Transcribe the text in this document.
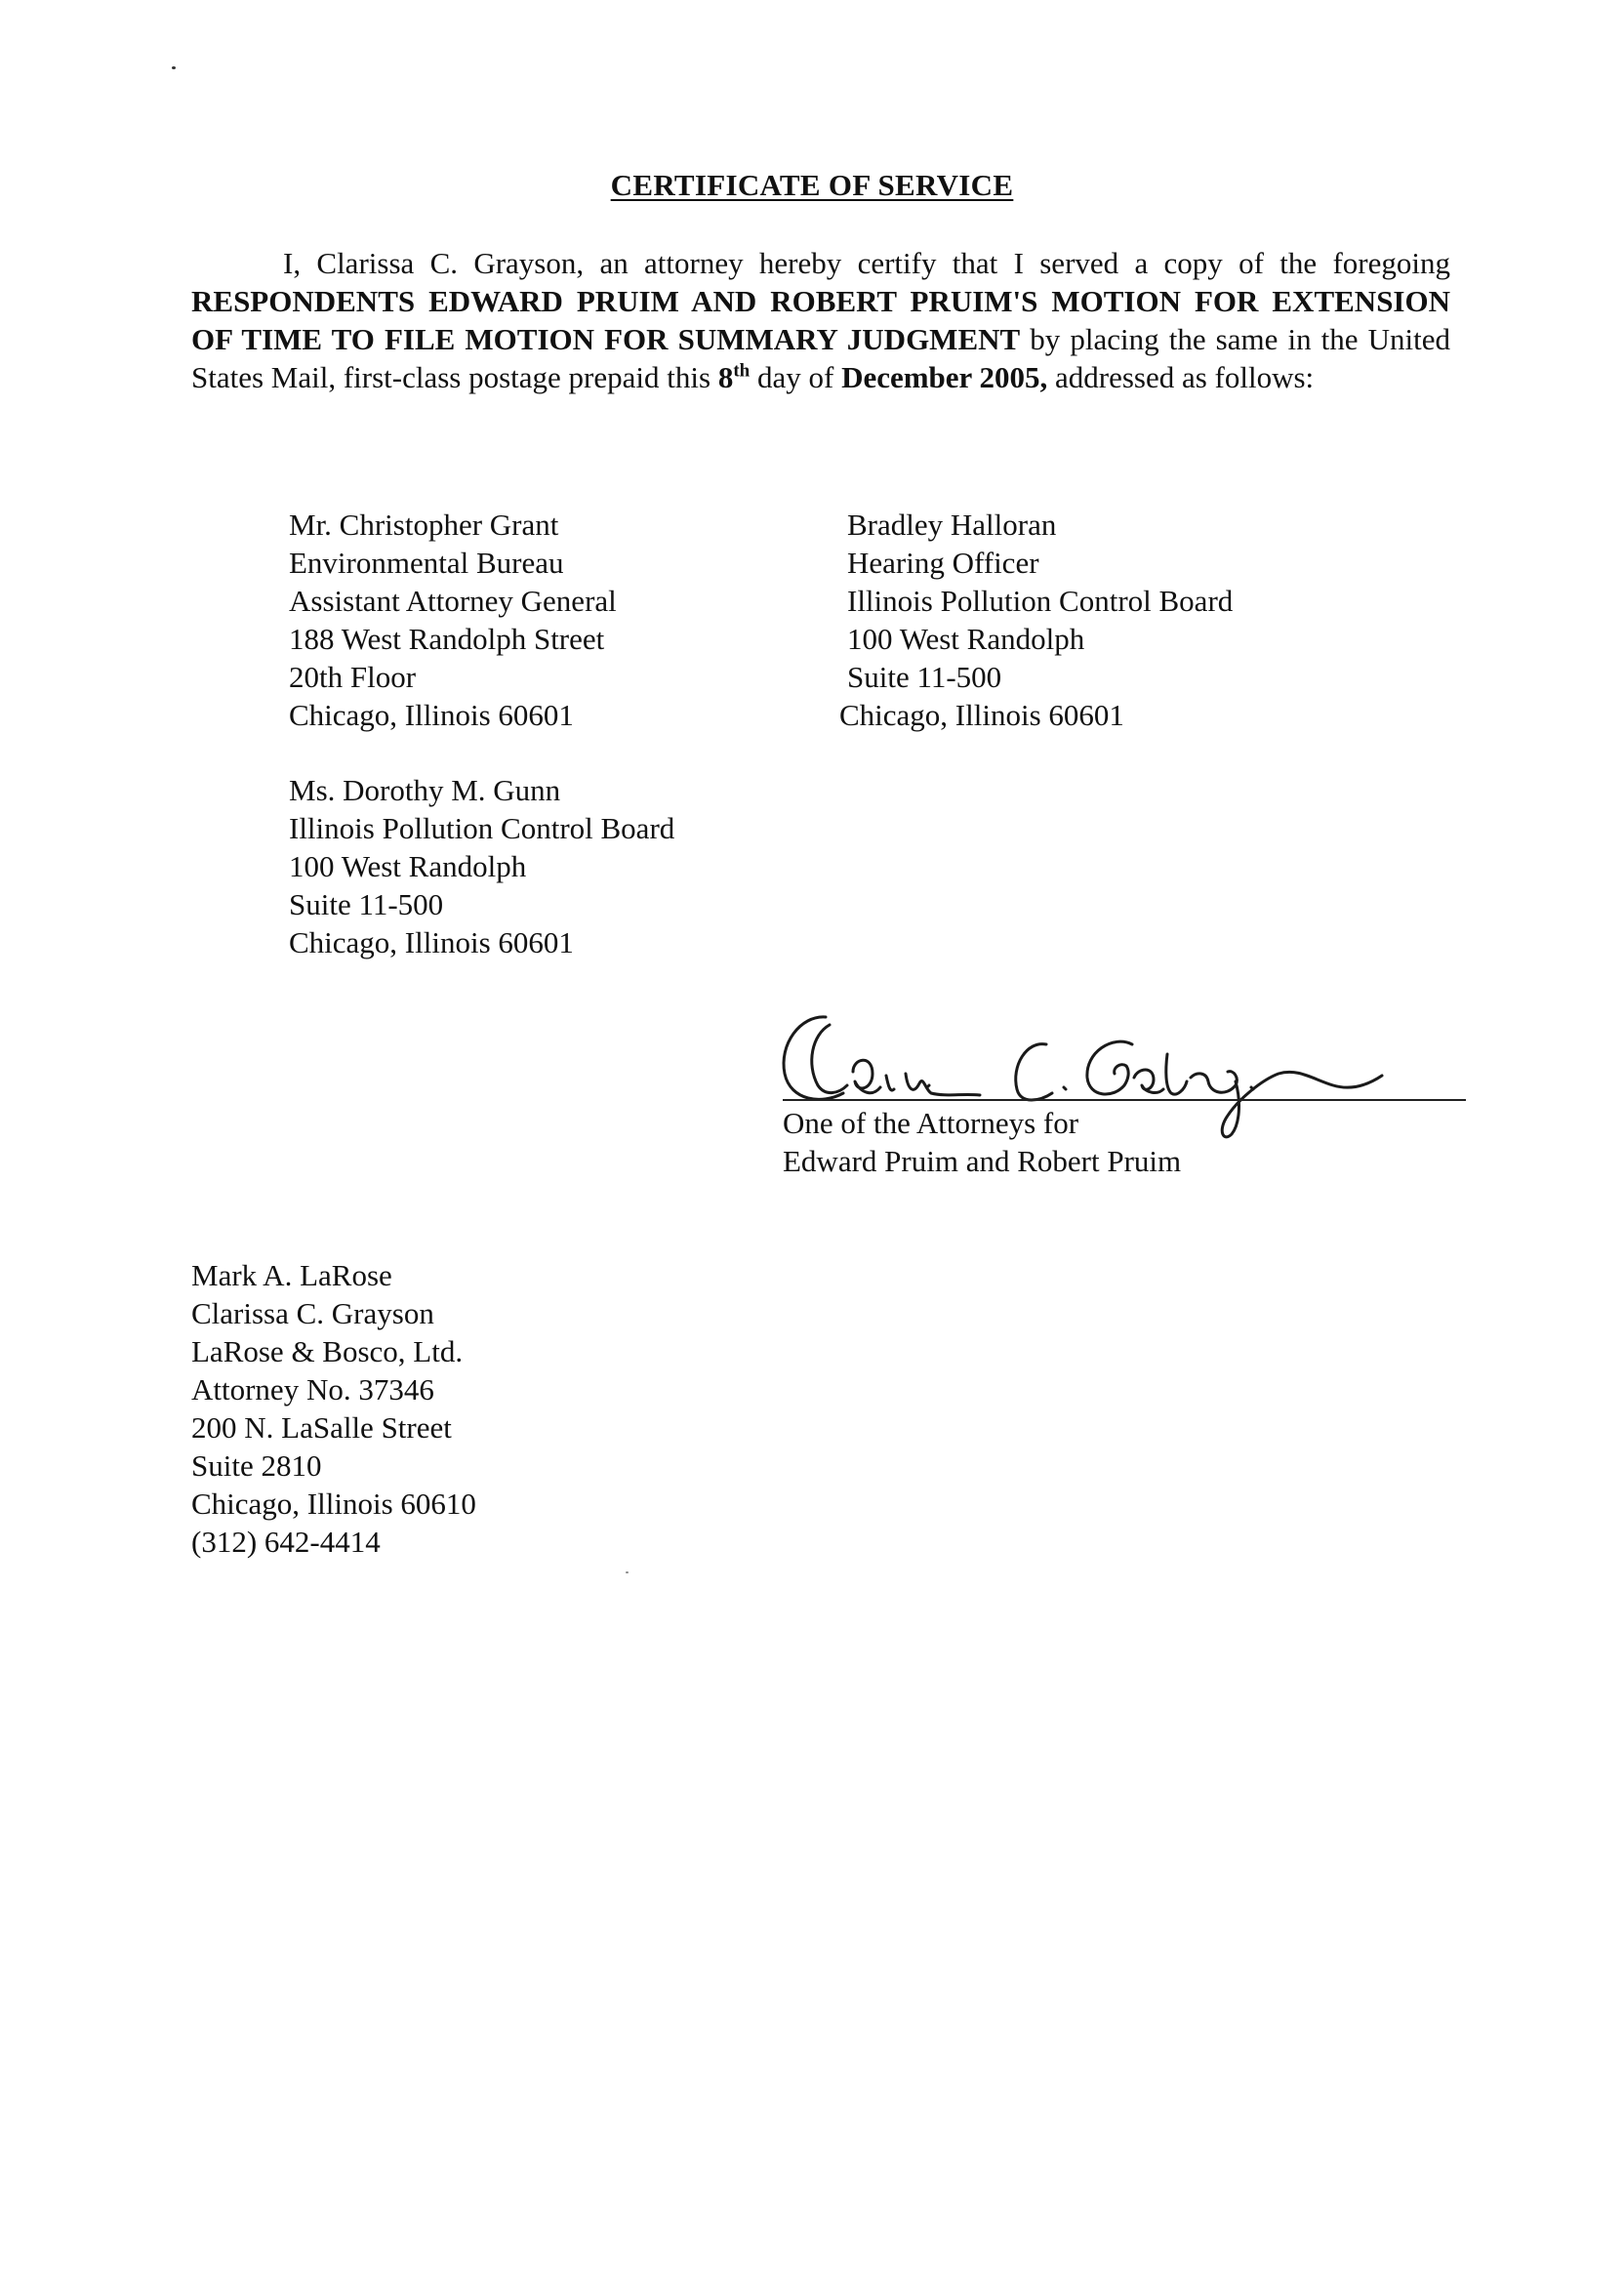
CERTIFICATE OF SERVICE
I, Clarissa C. Grayson, an attorney hereby certify that I served a copy of the foregoing RESPONDENTS EDWARD PRUIM AND ROBERT PRUIM'S MOTION FOR EXTENSION OF TIME TO FILE MOTION FOR SUMMARY JUDGMENT by placing the same in the United States Mail, first-class postage prepaid this 8th day of December 2005, addressed as follows:
Mr. Christopher Grant
Environmental Bureau
Assistant Attorney General
188 West Randolph Street
20th Floor
Chicago, Illinois 60601
Bradley Halloran
Hearing Officer
Illinois Pollution Control Board
100 West Randolph
Suite 11-500
Chicago, Illinois 60601
Ms. Dorothy M. Gunn
Illinois Pollution Control Board
100 West Randolph
Suite 11-500
Chicago, Illinois 60601
One of the Attorneys for
Edward Pruim and Robert Pruim
Mark A. LaRose
Clarissa C. Grayson
LaRose & Bosco, Ltd.
Attorney No. 37346
200 N. LaSalle Street
Suite 2810
Chicago, Illinois 60610
(312) 642-4414
